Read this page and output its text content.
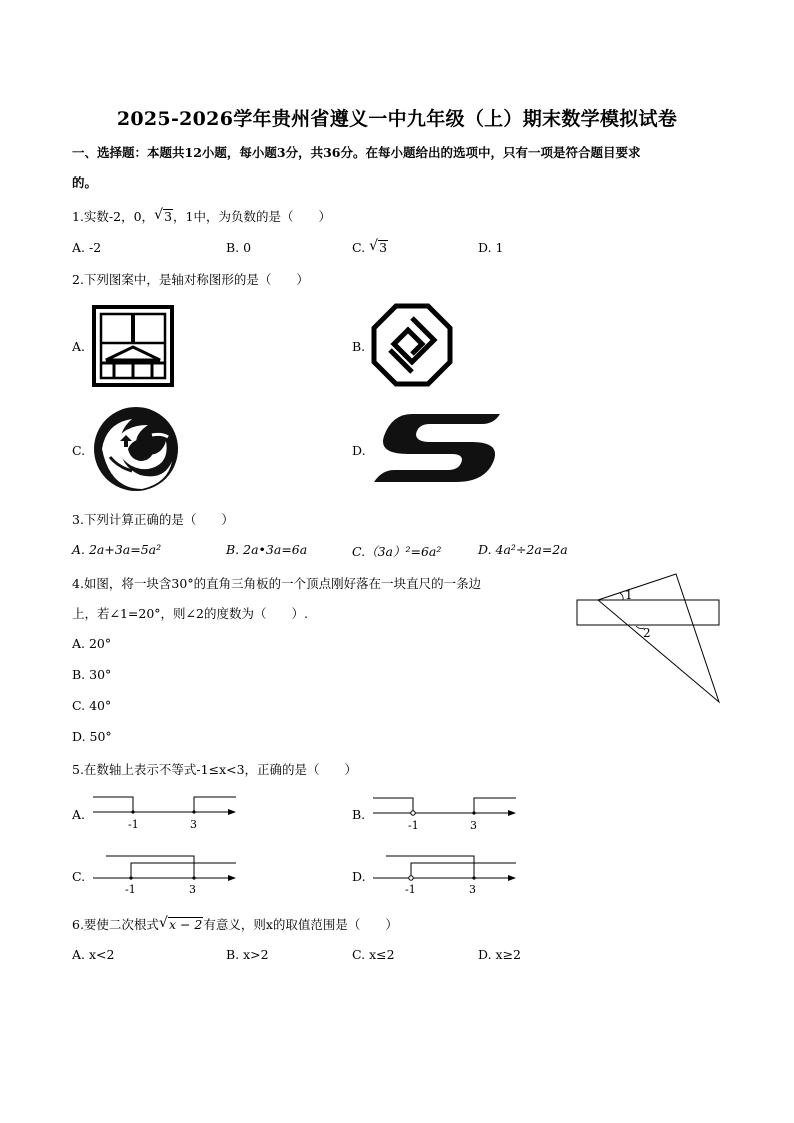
2025-2026学年贵州省遵义一中九年级（上）期末数学模拟试卷
一、选择题：本题共12小题，每小题3分，共36分。在每小题给出的选项中，只有一项是符合题目要求
的。
1.实数-2，0， √ 3，1中，为负数的是（　　）
A. -2	B. 0	C. √ 3	D. 1
2.下列图案中，是轴对称图形的是（　　）
A.	B.
C.	D.
3.下列计算正确的是（　　）
A. 2a+3a=5a²	B. 2a•3a=6a	C.（3a）²=6a²	D. 4a²÷2a=2a
4.如图，将一块含30°的直角三角板的一个顶点刚好落在一块直尺的一条边
上，若∠1=20°，则∠2的度数为（　　）.
A. 20°
B. 30°
C. 40°
D. 50°
1
2
5.在数轴上表示不等式-1≤x<3，正确的是（　　）
A.
-1	3
B.
-1	3
C.
-1	3
D.
-1	3
6.要使二次根式 √ x − 2有意义，则x的取值范围是（　　）
A. x<2	B. x>2	C. x≤2	D. x≥2
